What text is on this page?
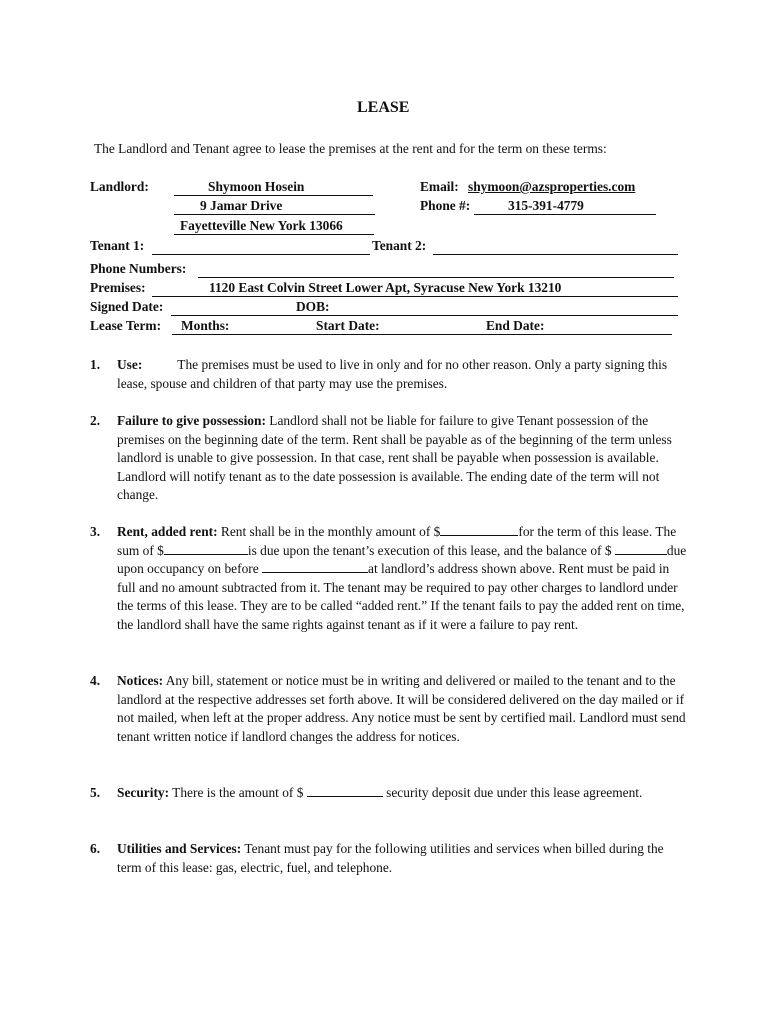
LEASE
The Landlord and Tenant agree to lease the premises at the rent and for the term on these terms:
Landlord:	Shymoon Hosein
9 Jamar Drive
Fayetteville New York 13066
Email: shymoon@azsproperties.com
Phone #:	315-391-4779
Tenant 1:	Tenant 2:
Phone Numbers:
Premises:	1120 East Colvin Street Lower Apt, Syracuse New York 13210
Signed Date:	DOB:
Lease Term: Months:	Start Date:	End Date:
1. Use:	The premises must be used to live in only and for no other reason. Only a party signing this lease, spouse and children of that party may use the premises.
2. Failure to give possession: Landlord shall not be liable for failure to give Tenant possession of the premises on the beginning date of the term. Rent shall be payable as of the beginning of the term unless landlord is unable to give possession. In that case, rent shall be payable when possession is available. Landlord will notify tenant as to the date possession is available. The ending date of the term will not change.
3. Rent, added rent: Rent shall be in the monthly amount of $	for the term of this lease. The sum of $	is due upon the tenant’s execution of this lease, and the balance of $	due upon occupancy on before	at landlord’s address shown above. Rent must be paid in full and no amount subtracted from it. The tenant may be required to pay other charges to landlord under the terms of this lease. They are to be called “added rent.” If the tenant fails to pay the added rent on time, the landlord shall have the same rights against tenant as if it were a failure to pay rent.
4. Notices: Any bill, statement or notice must be in writing and delivered or mailed to the tenant and to the landlord at the respective addresses set forth above. It will be considered delivered on the day mailed or if not mailed, when left at the proper address. Any notice must be sent by certified mail. Landlord must send tenant written notice if landlord changes the address for notices.
5. Security: There is the amount of $	security deposit due under this lease agreement.
6. Utilities and Services: Tenant must pay for the following utilities and services when billed during the term of this lease: gas, electric, fuel, and telephone.
